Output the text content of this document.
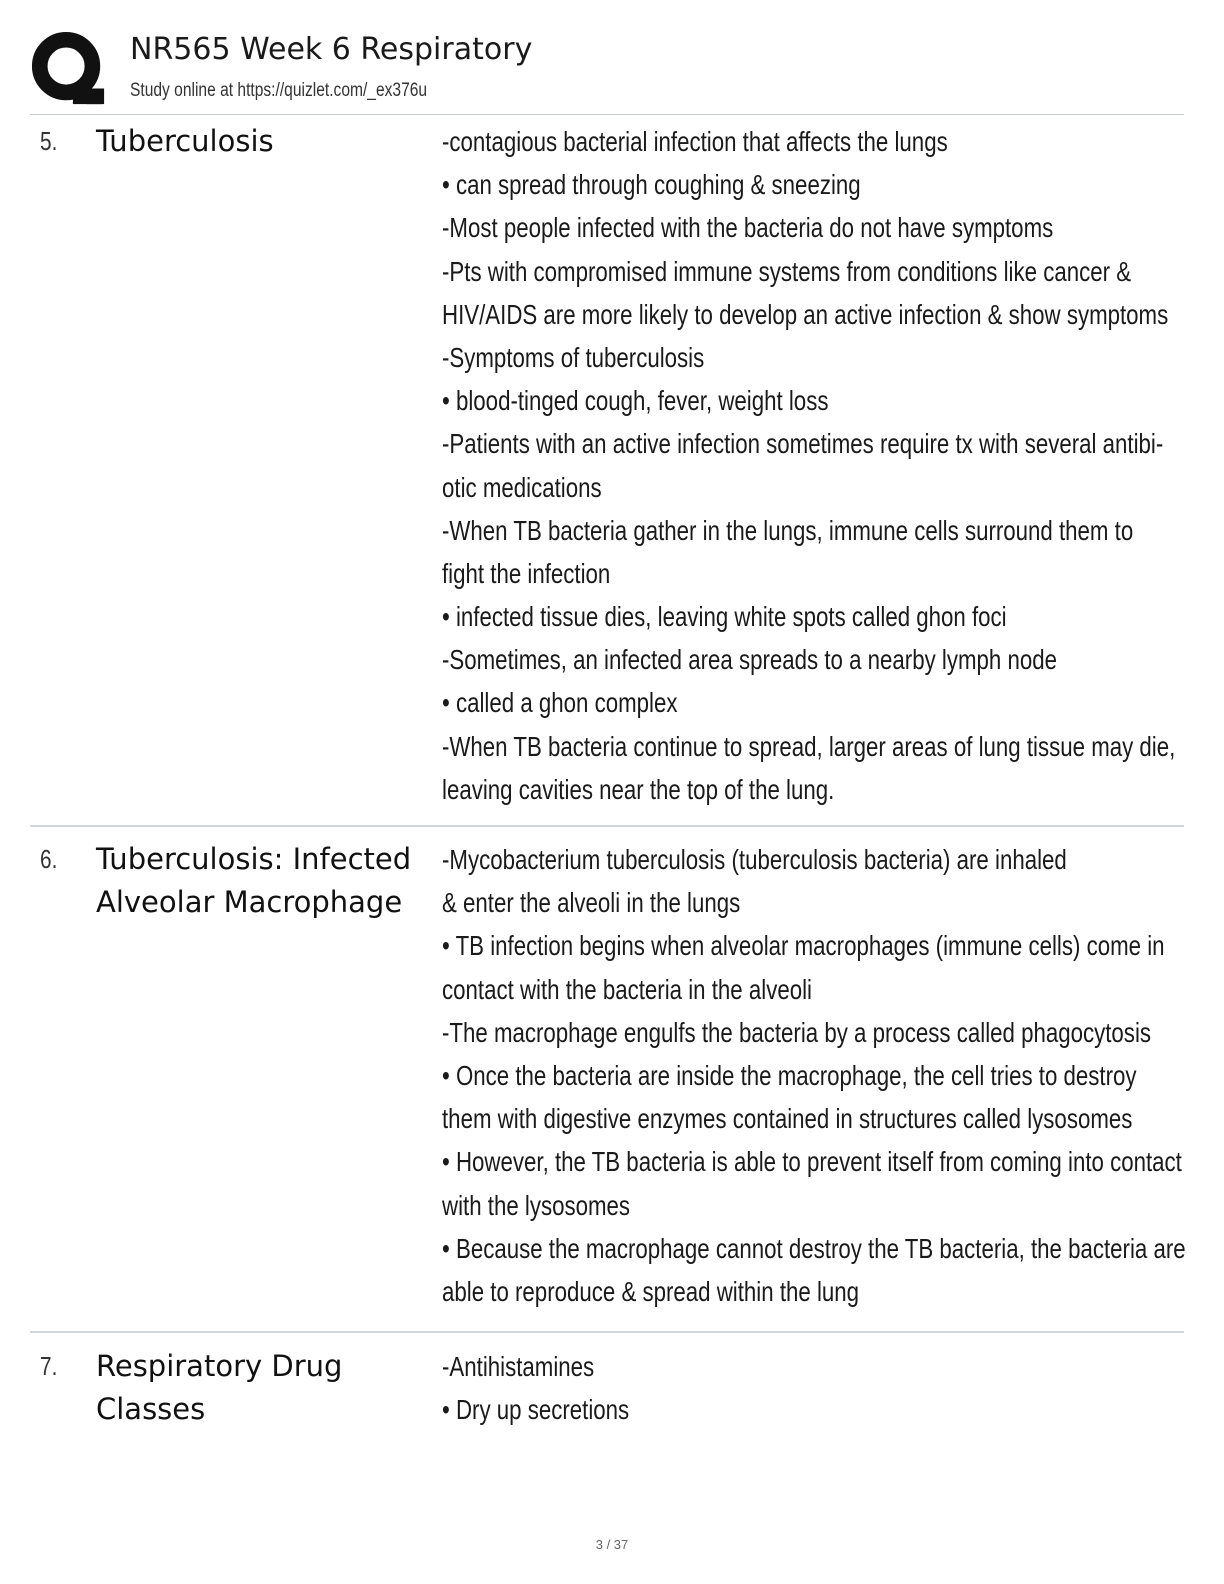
NR565 Week 6 Respiratory
Study online at https://quizlet.com/_ex376u
5. Tuberculosis	-contagious bacterial infection that affects the lungs
• can spread through coughing & sneezing
-Most people infected with the bacteria do not have symptoms
-Pts with compromised immune systems from conditions like cancer &
HIV/AIDS are more likely to develop an active infection & show symptoms
-Symptoms of tuberculosis
• blood-tinged cough, fever, weight loss
-Patients with an active infection sometimes require tx with several antibi-
otic medications
-When TB bacteria gather in the lungs, immune cells surround them to
fight the infection
• infected tissue dies, leaving white spots called ghon foci
-Sometimes, an infected area spreads to a nearby lymph node
• called a ghon complex
-When TB bacteria continue to spread, larger areas of lung tissue may die,
leaving cavities near the top of the lung.
6. Tuberculosis: Infected Alveolar Macrophage
-Mycobacterium tuberculosis (tuberculosis bacteria) are inhaled
& enter the alveoli in the lungs
• TB infection begins when alveolar macrophages (immune cells) come in
contact with the bacteria in the alveoli
-The macrophage engulfs the bacteria by a process called phagocytosis
• Once the bacteria are inside the macrophage, the cell tries to destroy
them with digestive enzymes contained in structures called lysosomes
• However, the TB bacteria is able to prevent itself from coming into contact
with the lysosomes
• Because the macrophage cannot destroy the TB bacteria, the bacteria are
able to reproduce & spread within the lung
7. Respiratory Drug Classes
-Antihistamines
• Dry up secretions
3 / 37
